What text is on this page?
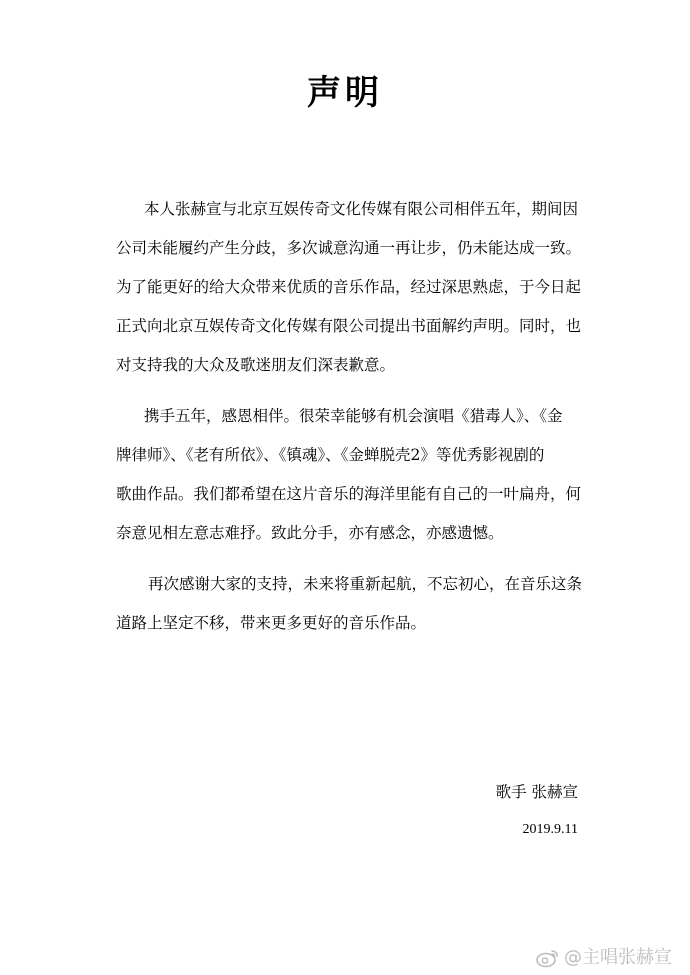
声明
本人张赫宣与北京互娱传奇文化传媒有限公司相伴五年，期间因
公司未能履约产生分歧，多次诚意沟通一再让步，仍未能达成一致。
为了能更好的给大众带来优质的音乐作品，经过深思熟虑，于今日起
正式向北京互娱传奇文化传媒有限公司提出书面解约声明。同时，也
对支持我的大众及歌迷朋友们深表歉意。
携手五年，感恩相伴。很荣幸能够有机会演唱《猎毒人》、《金
牌律师》、《老有所依》、《镇魂》、《金蝉脱壳2》等优秀影视剧的
歌曲作品。我们都希望在这片音乐的海洋里能有自己的一叶扁舟，何
奈意见相左意志难抒。致此分手，亦有感念，亦感遗憾。
再次感谢大家的支持，未来将重新起航，不忘初心，在音乐这条
道路上坚定不移，带来更多更好的音乐作品。
歌手 张赫宣
2019.9.11
@主唱张赫宣
